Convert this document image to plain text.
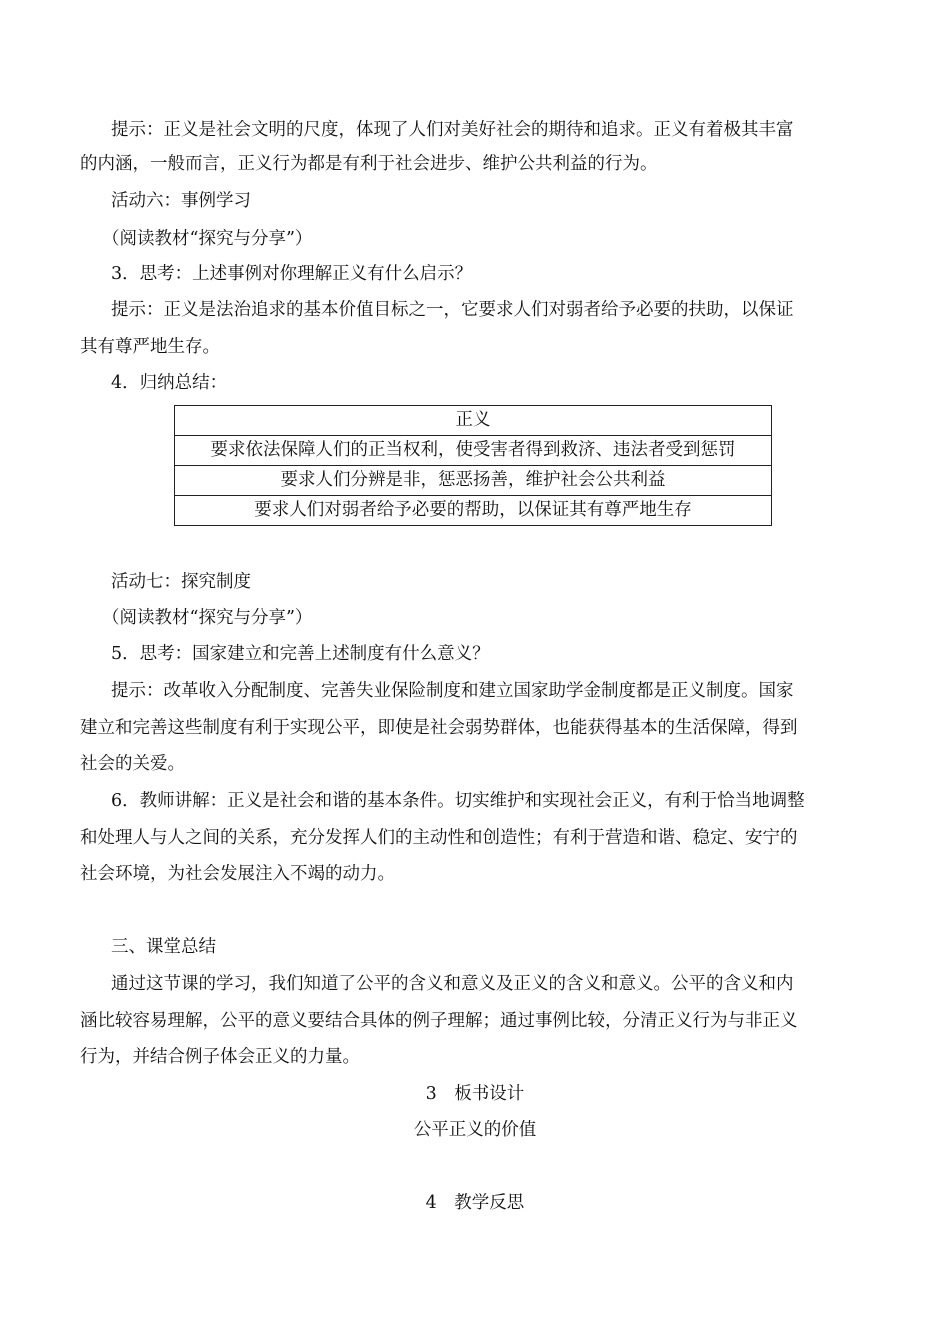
提示：正义是社会文明的尺度，体现了人们对美好社会的期待和追求。正义有着极其丰富

的内涵，一般而言，正义行为都是有利于社会进步、维护公共利益的行为。

活动六：事例学习

（阅读教材“探究与分享”）

3．思考：上述事例对你理解正义有什么启示？

提示：正义是法治追求的基本价值目标之一，它要求人们对弱者给予必要的扶助，以保证

其有尊严地生存。

4．归纳总结：

正义
要求依法保障人们的正当权利，使受害者得到救济、违法者受到惩罚
要求人们分辨是非，惩恶扬善，维护社会公共利益
要求人们对弱者给予必要的帮助，以保证其有尊严地生存

活动七：探究制度

（阅读教材“探究与分享”）

5．思考：国家建立和完善上述制度有什么意义？

提示：改革收入分配制度、完善失业保险制度和建立国家助学金制度都是正义制度。国家

建立和完善这些制度有利于实现公平，即使是社会弱势群体，也能获得基本的生活保障，得到

社会的关爱。

6．教师讲解：正义是社会和谐的基本条件。切实维护和实现社会正义，有利于恰当地调整

和处理人与人之间的关系，充分发挥人们的主动性和创造性；有利于营造和谐、稳定、安宁的

社会环境，为社会发展注入不竭的动力。

三、课堂总结

通过这节课的学习，我们知道了公平的含义和意义及正义的含义和意义。公平的含义和内

涵比较容易理解，公平的意义要结合具体的例子理解；通过事例比较，分清正义行为与非正义

行为，并结合例子体会正义的力量。

3　板书设计

公平正义的价值

4　教学反思
